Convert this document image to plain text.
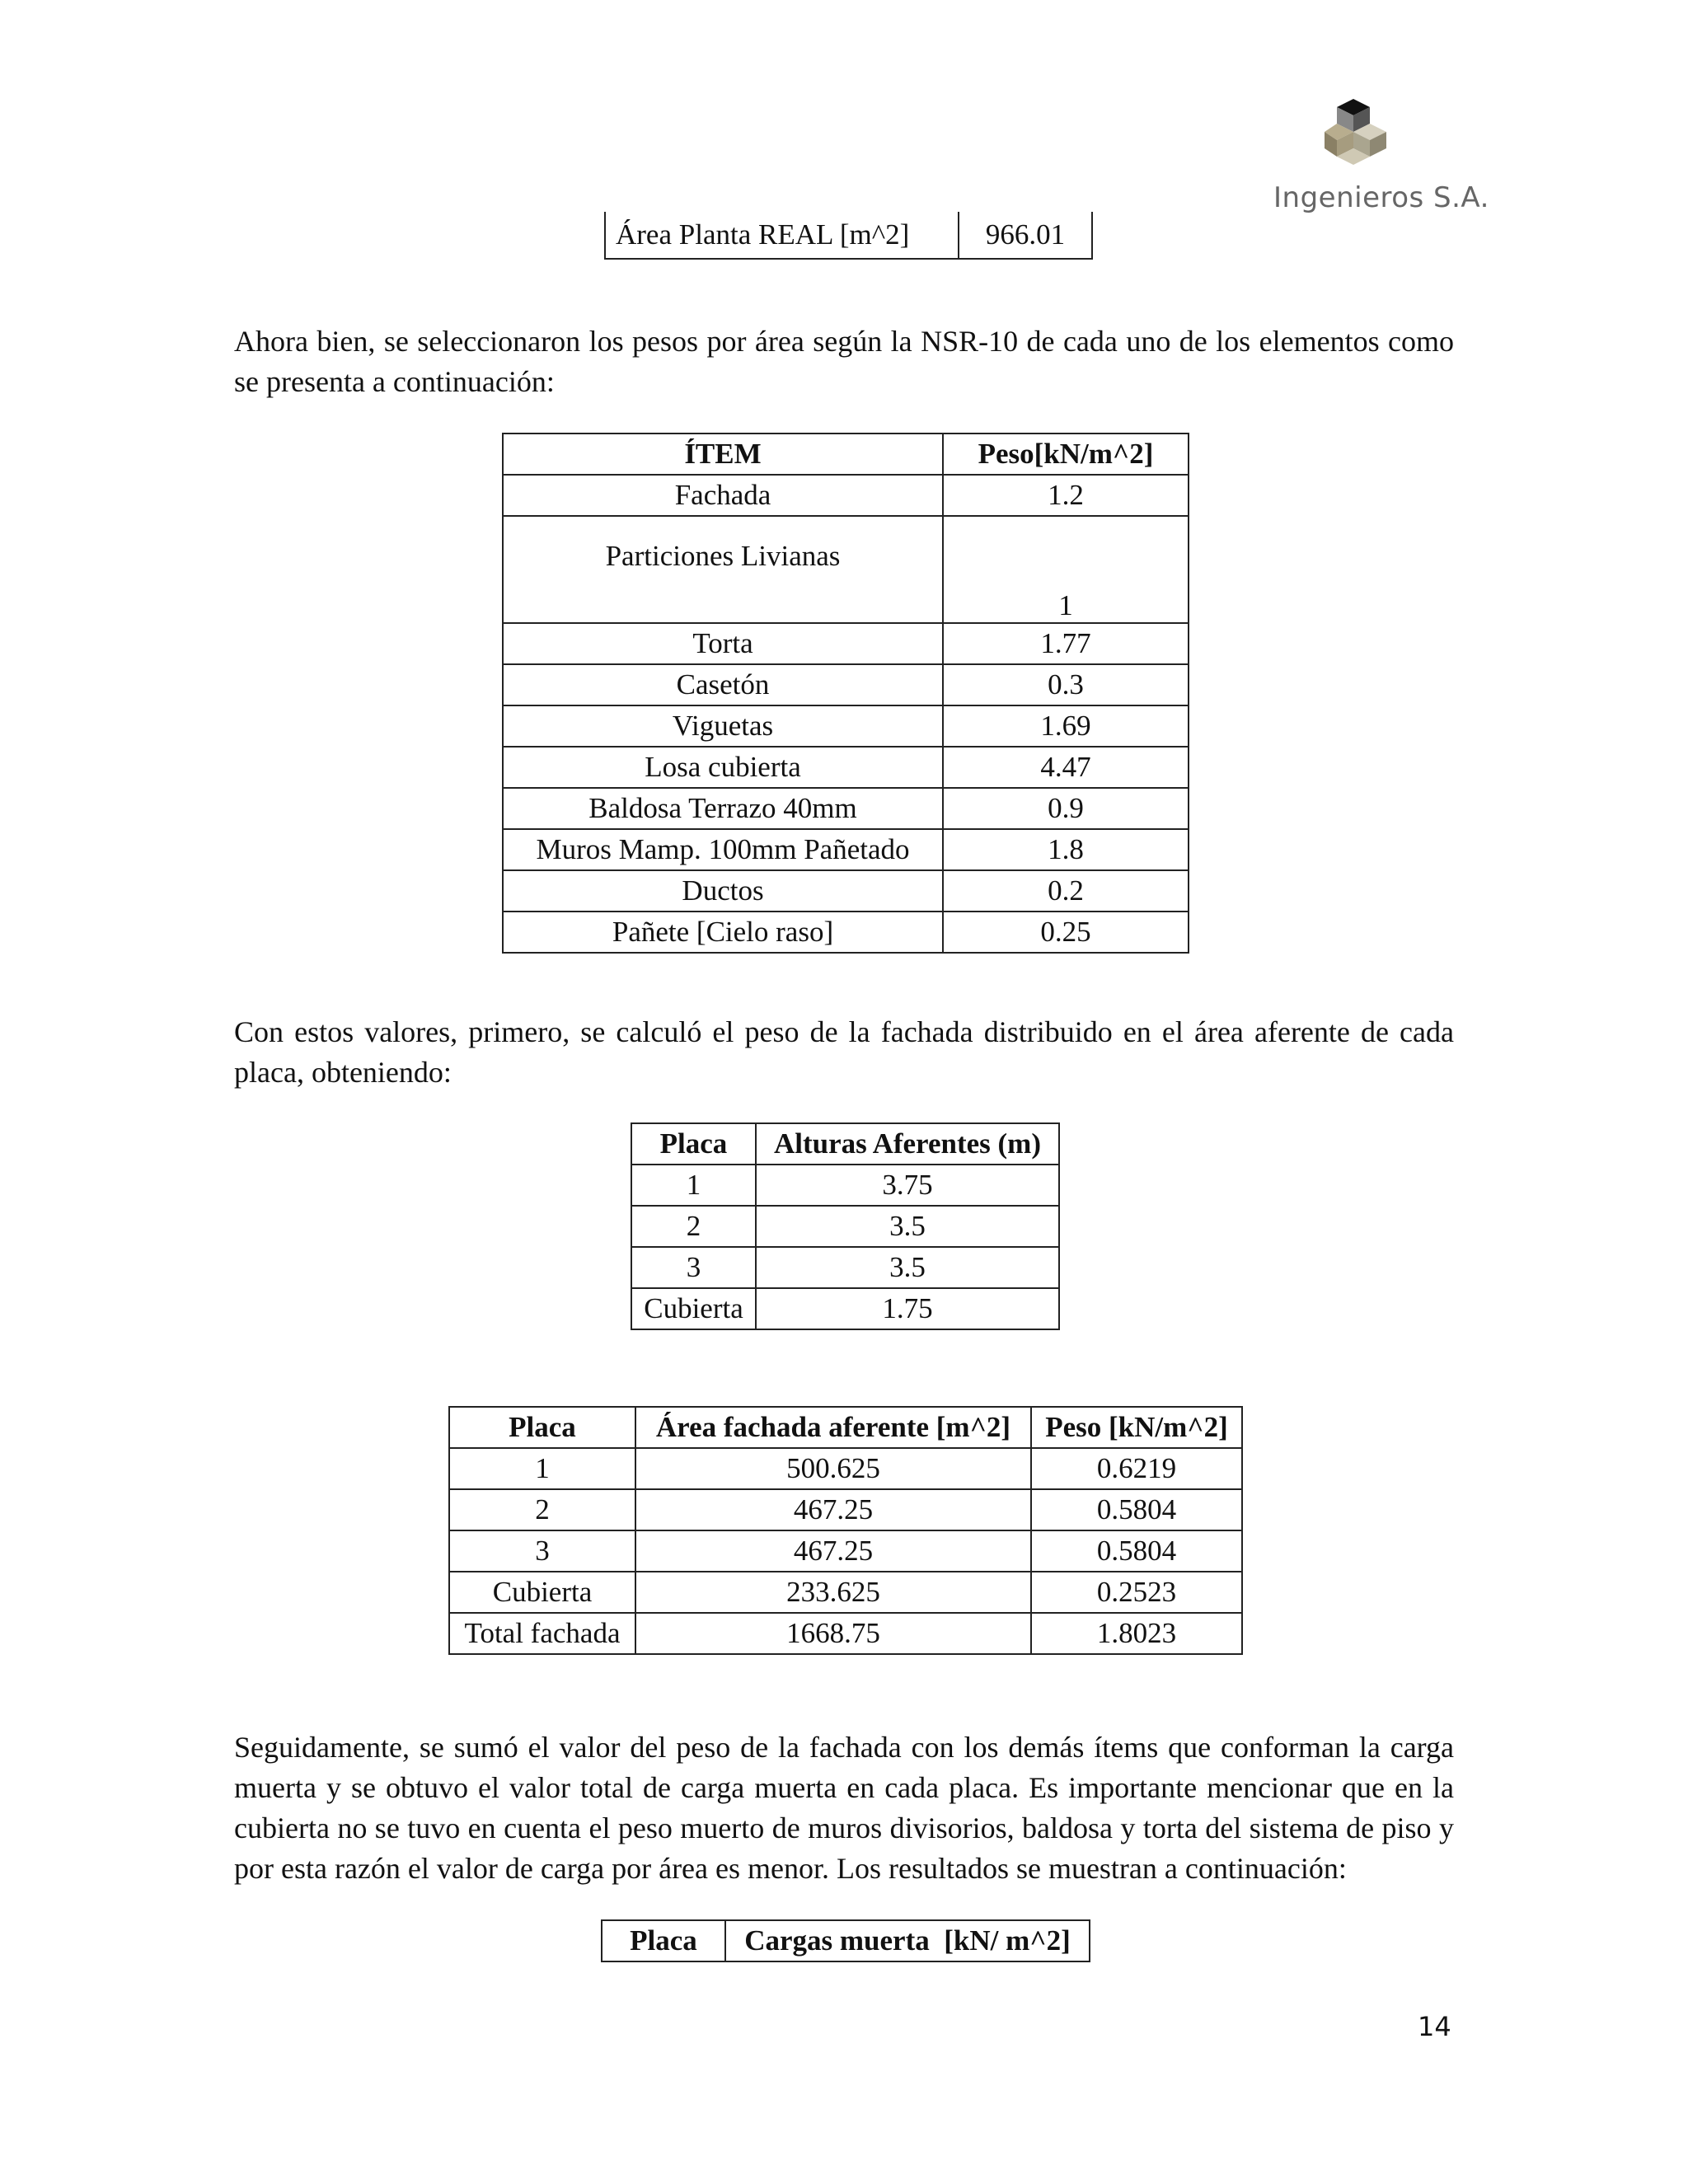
Ingenieros S.A.
Área Planta REAL [m^2]	966.01

Ahora bien, se seleccionaron los pesos por área según la NSR-10 de cada uno de los elementos como se presenta a continuación:

ÍTEM	Peso[kN/m^2]
Fachada	1.2
Particiones Livianas	1
Torta	1.77
Casetón	0.3
Viguetas	1.69
Losa cubierta	4.47
Baldosa Terrazo 40mm	0.9
Muros Mamp. 100mm Pañetado	1.8
Ductos	0.2
Pañete [Cielo raso]	0.25

Con estos valores, primero, se calculó el peso de la fachada distribuido en el área aferente de cada placa, obteniendo:

Placa	Alturas Aferentes (m)
1	3.75
2	3.5
3	3.5
Cubierta	1.75
Placa	Área fachada aferente [m^2]	Peso [kN/m^2]
1	500.625	0.6219
2	467.25	0.5804
3	467.25	0.5804
Cubierta	233.625	0.2523
Total fachada	1668.75	1.8023

Seguidamente, se sumó el valor del peso de la fachada con los demás ítems que conforman la carga muerta y se obtuvo el valor total de carga muerta en cada placa. Es importante mencionar que en la cubierta no se tuvo en cuenta el peso muerto de muros divisorios, baldosa y torta del sistema de piso y por esta razón el valor de carga por área es menor. Los resultados se muestran a continuación:

Placa	Cargas muerta  [kN/ m^2]
14
